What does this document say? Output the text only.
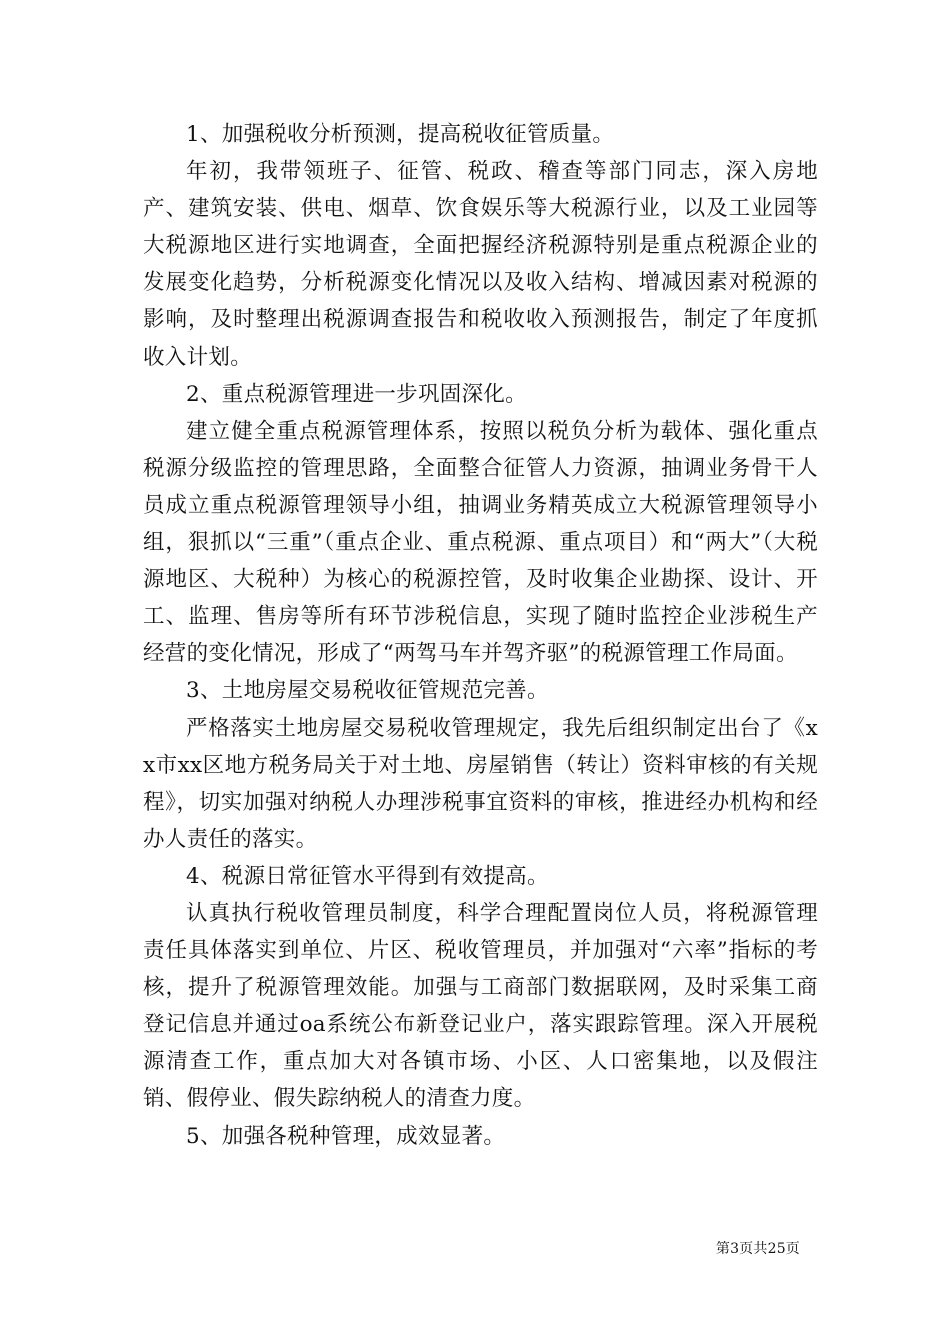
1、加强税收分析预测，提高税收征管质量。

年初，我带领班子、征管、税政、稽查等部门同志，深入房地产、建筑安装、供电、烟草、饮食娱乐等大税源行业，以及工业园等大税源地区进行实地调查，全面把握经济税源特别是重点税源企业的发展变化趋势，分析税源变化情况以及收入结构、增减因素对税源的影响，及时整理出税源调查报告和税收收入预测报告，制定了年度抓收入计划。

2、重点税源管理进一步巩固深化。

建立健全重点税源管理体系，按照以税负分析为载体、强化重点税源分级监控的管理思路，全面整合征管人力资源，抽调业务骨干人员成立重点税源管理领导小组，抽调业务精英成立大税源管理领导小组，狠抓以“三重”（重点企业、重点税源、重点项目）和“两大”（大税源地区、大税种）为核心的税源控管，及时收集企业勘探、设计、开工、监理、售房等所有环节涉税信息，实现了随时监控企业涉税生产经营的变化情况，形成了“两驾马车并驾齐驱”的税源管理工作局面。

3、土地房屋交易税收征管规范完善。

严格落实土地房屋交易税收管理规定，我先后组织制定出台了《xx市xx区地方税务局关于对土地、房屋销售（转让）资料审核的有关规程》，切实加强对纳税人办理涉税事宜资料的审核，推进经办机构和经办人责任的落实。

4、税源日常征管水平得到有效提高。

认真执行税收管理员制度，科学合理配置岗位人员，将税源管理责任具体落实到单位、片区、税收管理员，并加强对“六率”指标的考核，提升了税源管理效能。加强与工商部门数据联网，及时采集工商登记信息并通过oa系统公布新登记业户，落实跟踪管理。深入开展税源清查工作，重点加大对各镇市场、小区、人口密集地，以及假注销、假停业、假失踪纳税人的清查力度。

5、加强各税种管理，成效显著。

第3页共25页
